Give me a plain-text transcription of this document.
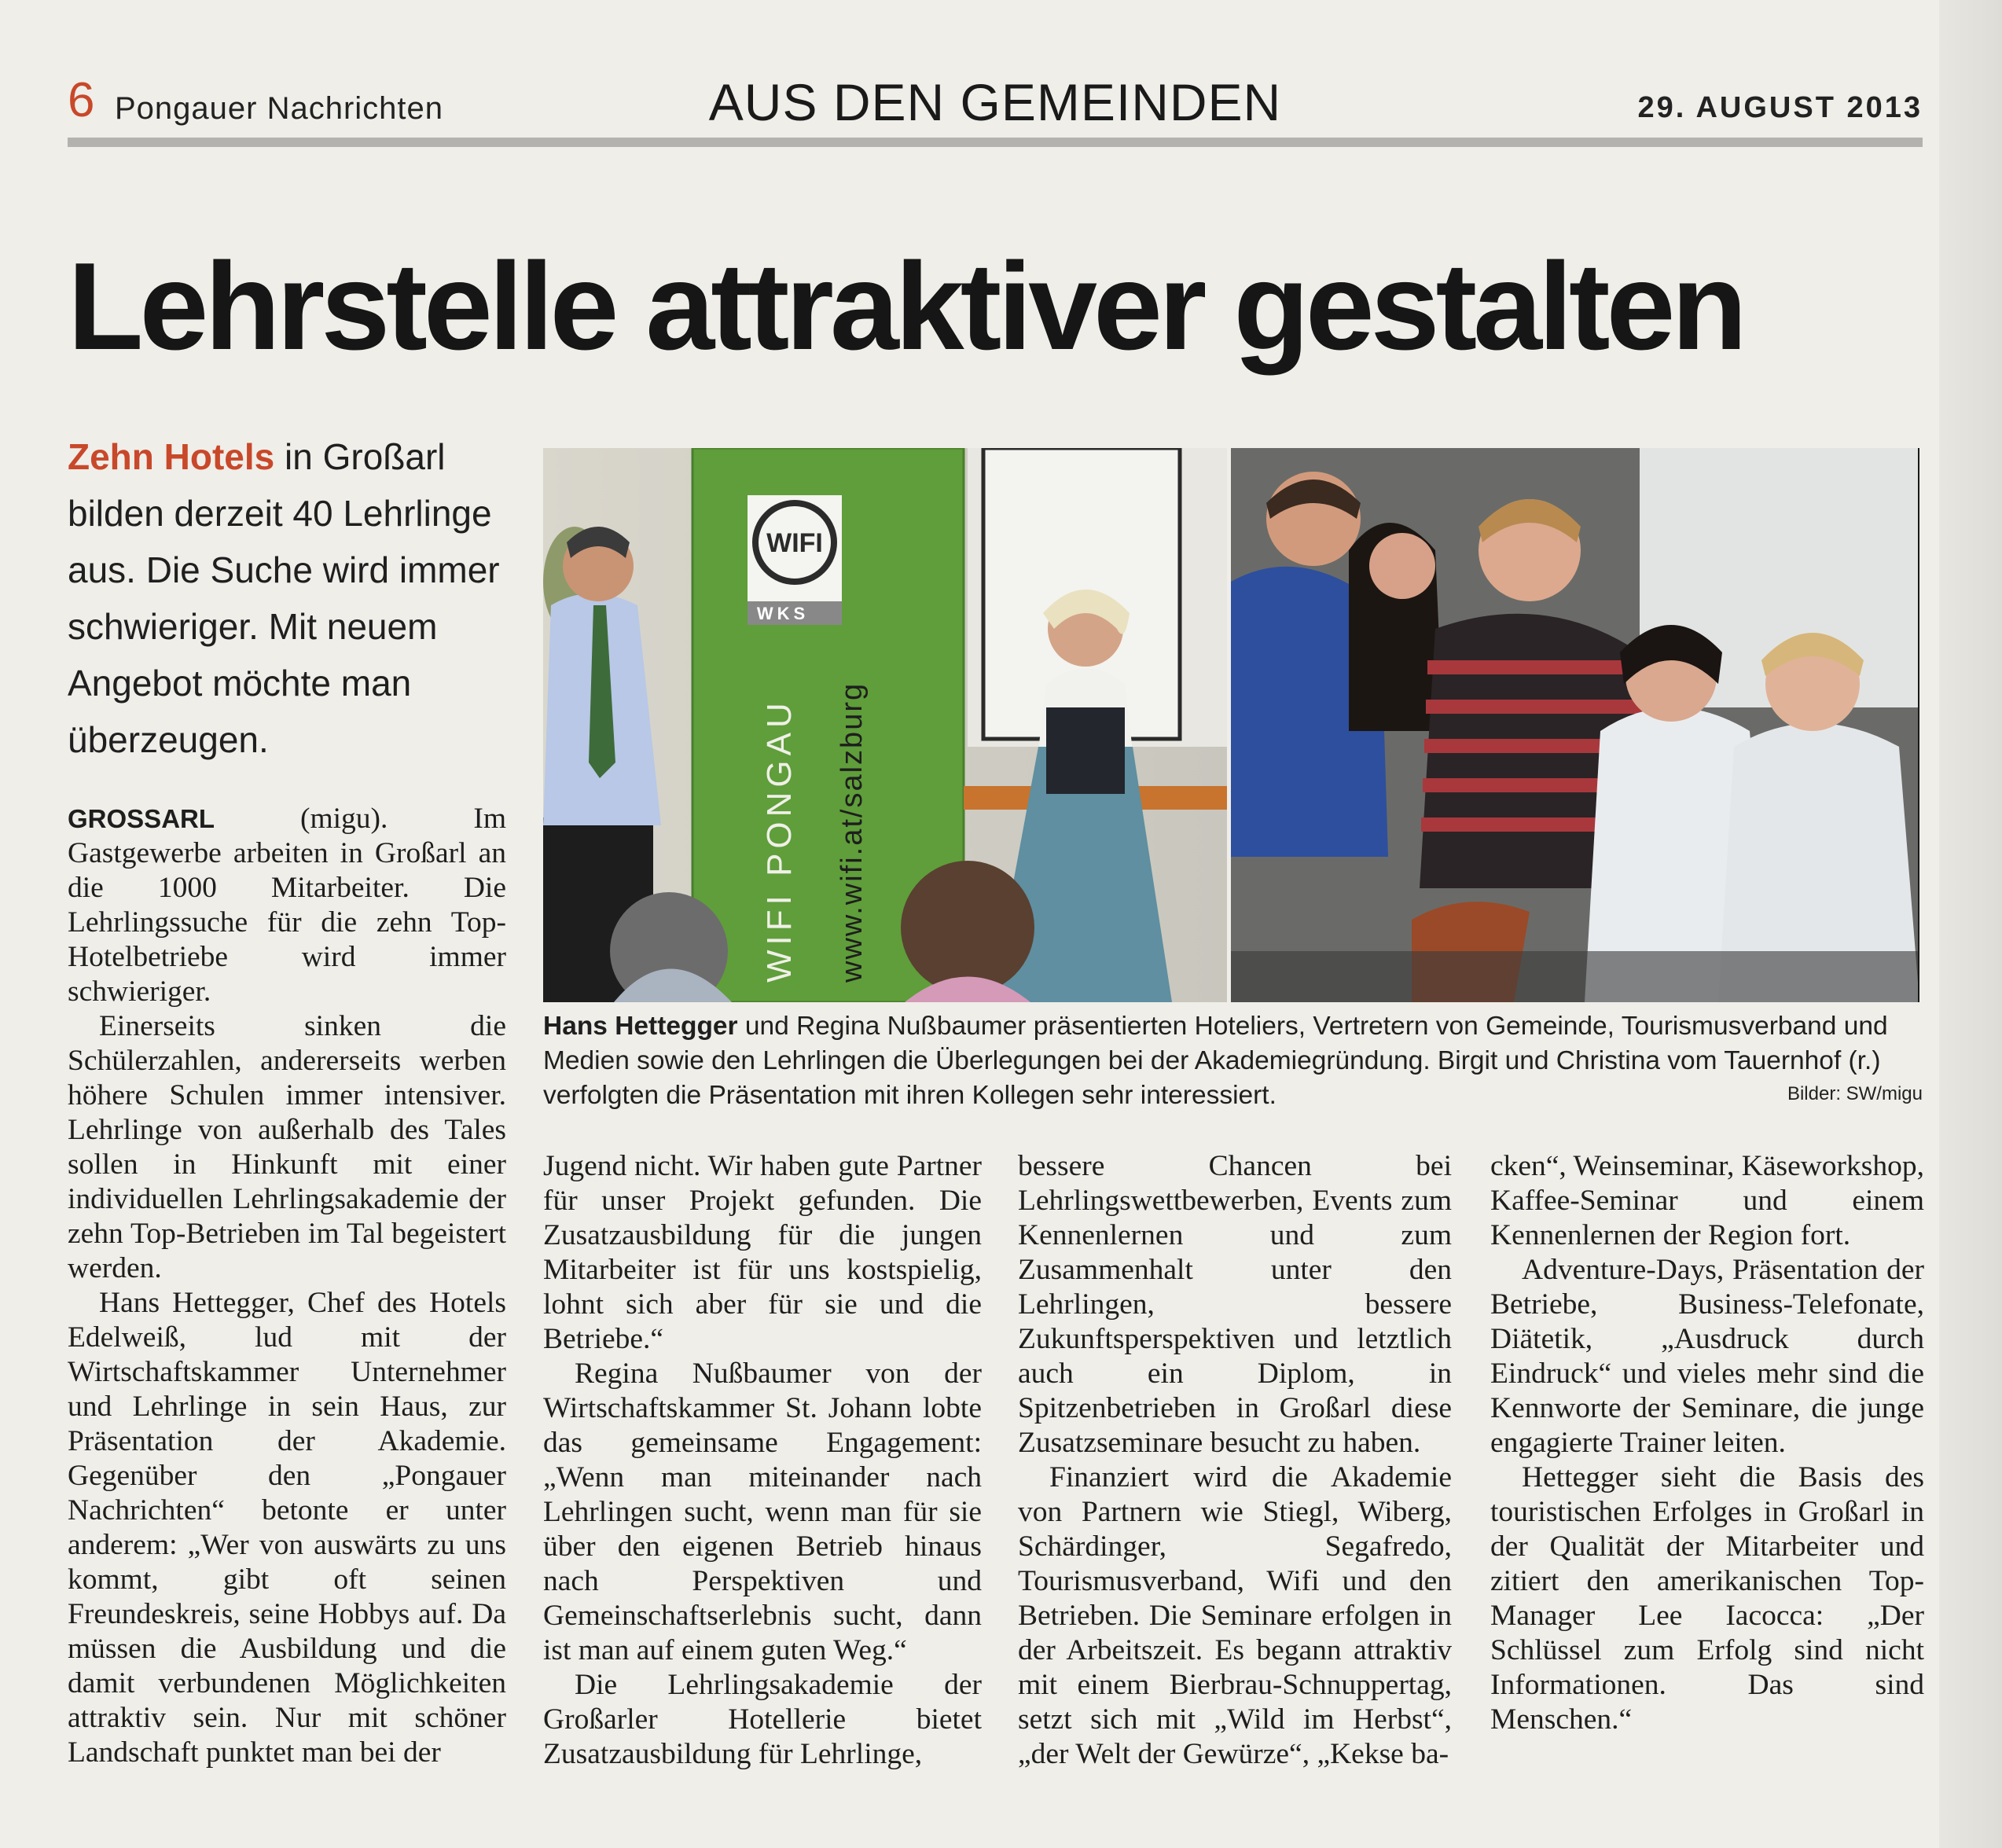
6 Pongauer Nachrichten	AUS DEN GEMEINDEN	29. AUGUST 2013
Lehrstelle attraktiver gestalten
Zehn Hotels in Großarl bilden derzeit 40 Lehrlinge aus. Die Suche wird immer schwieriger. Mit neuem Angebot möchte man überzeugen.
WIFI
WKS
WIFI PONGAU www.wifi.at/salzburg
Hans Hettegger und Regina Nußbaumer präsentierten Hoteliers, Vertretern von Gemeinde, Tourismusverband und Medien sowie den Lehrlingen die Überlegungen bei der Akademiegründung. Birgit und Christina vom Tauernhof (r.) verfolgten die Präsentation mit ihren Kollegen sehr interessiert.	Bilder: SW/migu

GROSSARL (migu). Im Gastgewerbe arbeiten in Großarl an die 1000 Mitarbeiter. Die Lehrlingssuche für die zehn Top-Hotelbetriebe wird immer schwieriger.

Einerseits sinken die Schülerzahlen, andererseits werben höhere Schulen immer intensiver. Lehrlinge von außerhalb des Tales sollen in Hinkunft mit einer individuellen Lehrlingsakademie der zehn Top-Betrieben im Tal begeistert werden.

Hans Hettegger, Chef des Hotels Edelweiß, lud mit der Wirtschaftskammer Unternehmer und Lehrlinge in sein Haus, zur Präsentation der Akademie. Gegenüber den „Pongauer Nachrichten“ betonte er unter anderem: „Wer von auswärts zu uns kommt, gibt oft seinen Freundeskreis, seine Hobbys auf. Da müssen die Ausbildung und die damit verbundenen Möglichkeiten attraktiv sein. Nur mit schöner Landschaft punktet man bei der

Jugend nicht. Wir haben gute Partner für unser Projekt gefunden. Die Zusatzausbildung für die jungen Mitarbeiter ist für uns kostspielig, lohnt sich aber für sie und die Betriebe.“

Regina Nußbaumer von der Wirtschaftskammer St. Johann lobte das gemeinsame Engagement: „Wenn man miteinander nach Lehrlingen sucht, wenn man für sie über den eigenen Betrieb hinaus nach Perspektiven und Gemeinschaftserlebnis sucht, dann ist man auf einem guten Weg.“

Die Lehrlingsakademie der Großarler Hotellerie bietet Zusatzausbildung für Lehrlinge,

bessere Chancen bei Lehrlingswettbewerben, Events zum Kennenlernen und zum Zusammenhalt unter den Lehrlingen, bessere Zukunftsperspektiven und letztlich auch ein Diplom, in Spitzenbetrieben in Großarl diese Zusatzseminare besucht zu haben.

Finanziert wird die Akademie von Partnern wie Stiegl, Wiberg, Schärdinger, Segafredo, Tourismusverband, Wifi und den Betrieben. Die Seminare erfolgen in der Arbeitszeit. Es begann attraktiv mit einem Bierbrau-Schnuppertag, setzt sich mit „Wild im Herbst“, „der Welt der Gewürze“, „Kekse ba-

cken“, Weinseminar, Käseworkshop, Kaffee-Seminar und einem Kennenlernen der Region fort.

Adventure-Days, Präsentation der Betriebe, Business-Telefonate, Diätetik, „Ausdruck durch Eindruck“ und vieles mehr sind die Kennworte der Seminare, die junge engagierte Trainer leiten.

Hettegger sieht die Basis des touristischen Erfolges in Großarl in der Qualität der Mitarbeiter und zitiert den amerikanischen Top-Manager Lee Iacocca: „Der Schlüssel zum Erfolg sind nicht Informationen. Das sind Menschen.“
